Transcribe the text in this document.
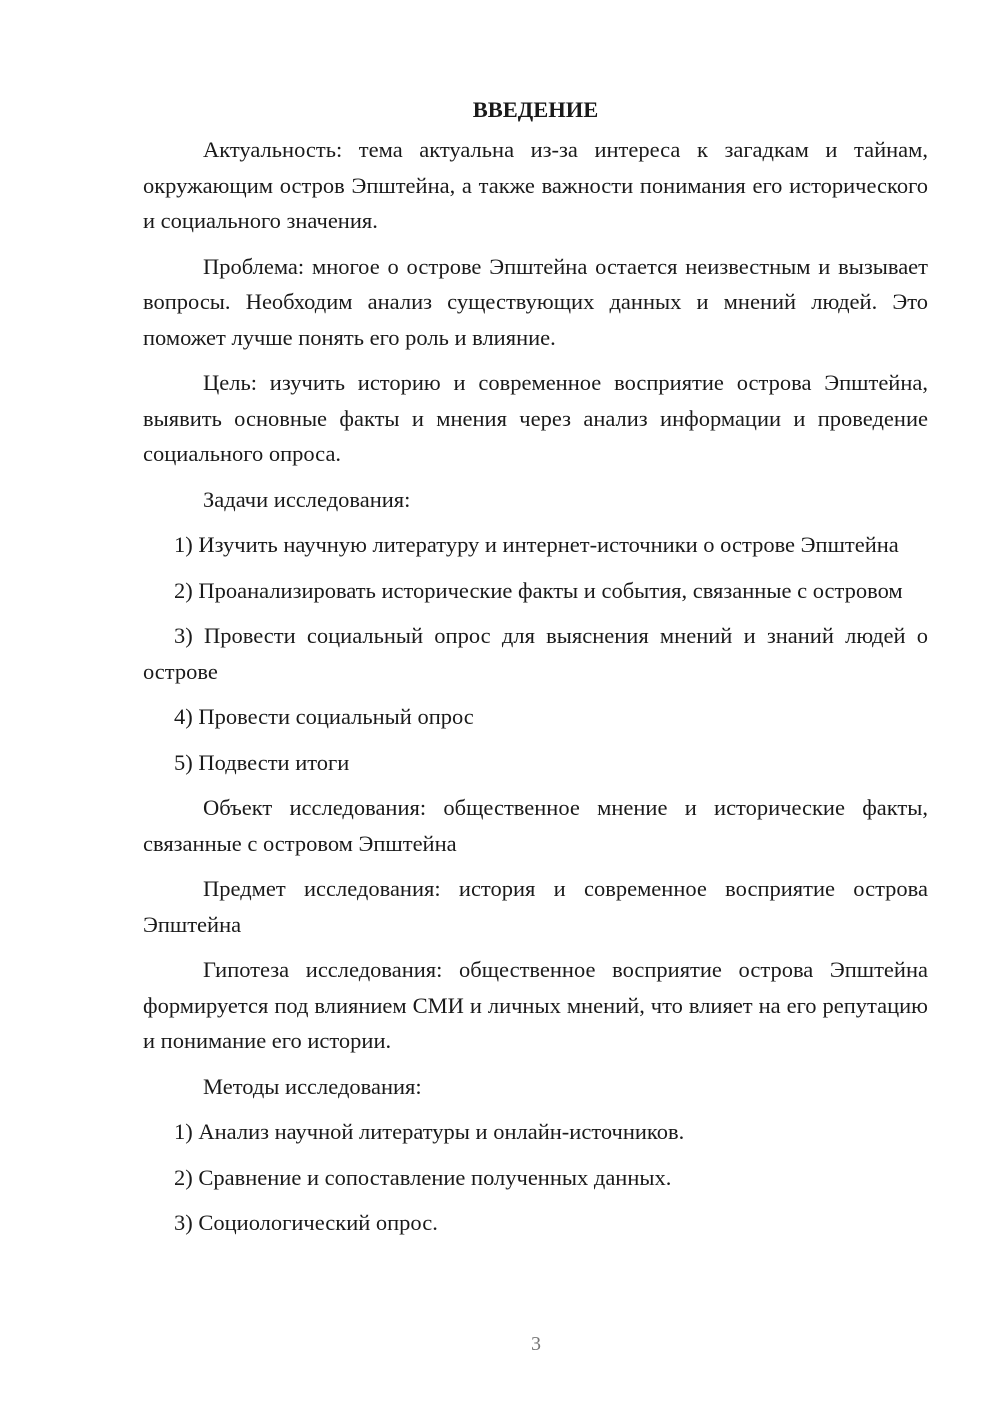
ВВЕДЕНИЕ

Актуальность: тема актуальна из-за интереса к загадкам и тайнам, окружающим остров Эпштейна, а также важности понимания его исторического и социального значения.

Проблема: многое о острове Эпштейна остается неизвестным и вызывает вопросы. Необходим анализ существующих данных и мнений людей. Это поможет лучше понять его роль и влияние.

Цель: изучить историю и современное восприятие острова Эпштейна, выявить основные факты и мнения через анализ информации и проведение социального опроса.

Задачи исследования:

1) Изучить научную литературу и интернет-источники о острове Эпштейна

2) Проанализировать исторические факты и события, связанные с островом

3) Провести социальный опрос для выяснения мнений и знаний людей о острове

4) Провести социальный опрос

5) Подвести итоги

Объект исследования: общественное мнение и исторические факты, связанные с островом Эпштейна

Предмет исследования: история и современное восприятие острова Эпштейна

Гипотеза исследования: общественное восприятие острова Эпштейна формируется под влиянием СМИ и личных мнений, что влияет на его репутацию и понимание его истории.

Методы исследования:

1) Анализ научной литературы и онлайн-источников.

2) Сравнение и сопоставление полученных данных.

3) Социологический опрос.

3
